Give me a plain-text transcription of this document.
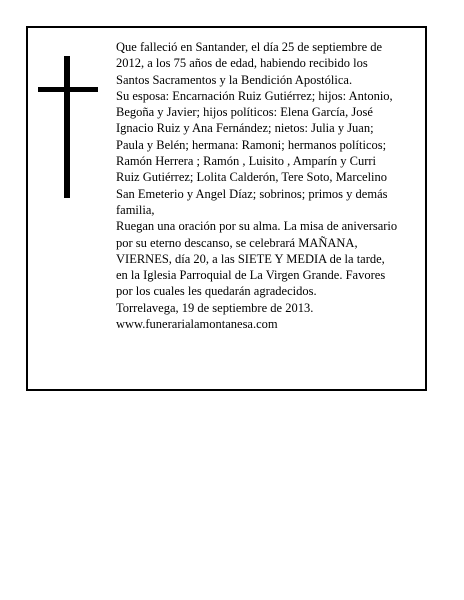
Que falleció en Santander, el día 25 de septiembre de
2012, a los 75 años de edad, habiendo recibido los
Santos Sacramentos y la Bendición Apostólica.
Su esposa: Encarnación Ruiz Gutiérrez; hijos: Antonio,
Begoña y Javier; hijos políticos: Elena García, José
Ignacio Ruiz y Ana Fernández; nietos: Julia y Juan;
Paula y Belén; hermana: Ramoni; hermanos políticos;
Ramón Herrera ; Ramón , Luisito , Amparín y Curri
Ruiz Gutiérrez; Lolita Calderón, Tere Soto, Marcelino
San Emeterio y Angel Díaz; sobrinos; primos y demás
familia,
Ruegan una oración por su alma. La misa de aniversario
por su eterno descanso, se celebrará MAÑANA,
VIERNES, día 20, a las SIETE Y MEDIA de la tarde,
en la Iglesia Parroquial de La Virgen Grande. Favores
por los cuales les quedarán agradecidos.
Torrelavega, 19 de septiembre de 2013.
www.funerarialamontanesa.com
